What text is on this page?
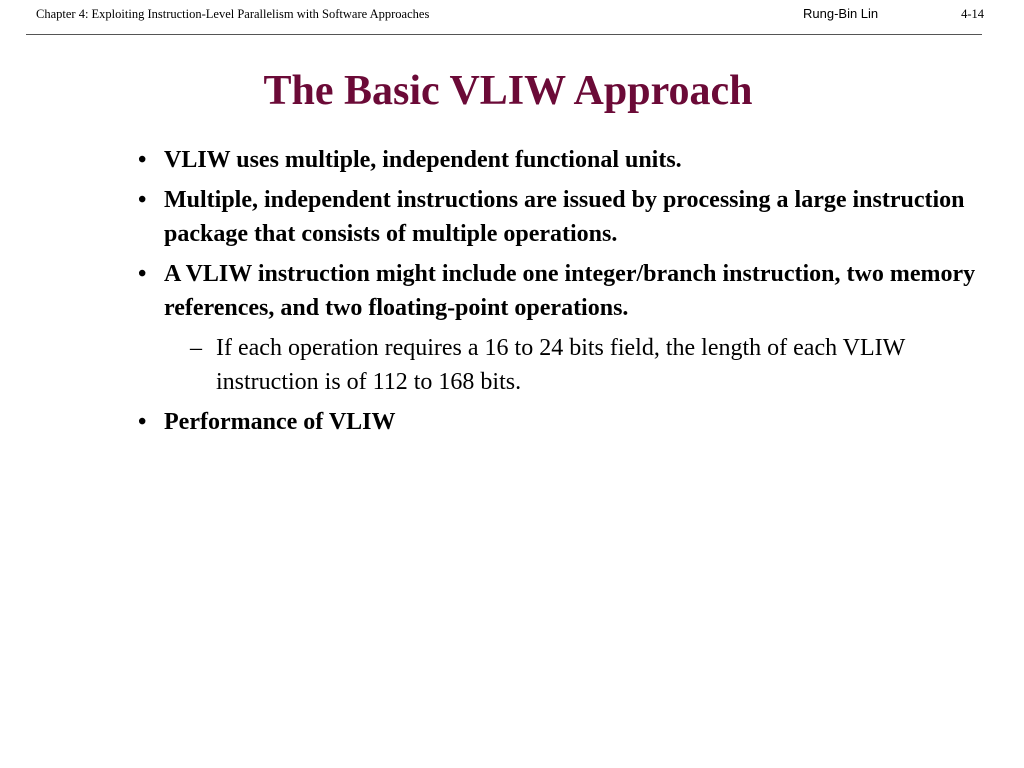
Chapter 4: Exploiting Instruction-Level Parallelism with Software Approaches	Rung-Bin Lin	4-14
The Basic VLIW Approach
• VLIW uses multiple, independent functional units.
• Multiple, independent instructions are issued by processing a large instruction package that consists of multiple operations.
• A VLIW instruction might include one integer/branch instruction, two memory references, and two floating-point operations.
– If each operation requires a 16 to 24 bits field, the length of each VLIW instruction is of 112 to 168 bits.
• Performance of VLIW
